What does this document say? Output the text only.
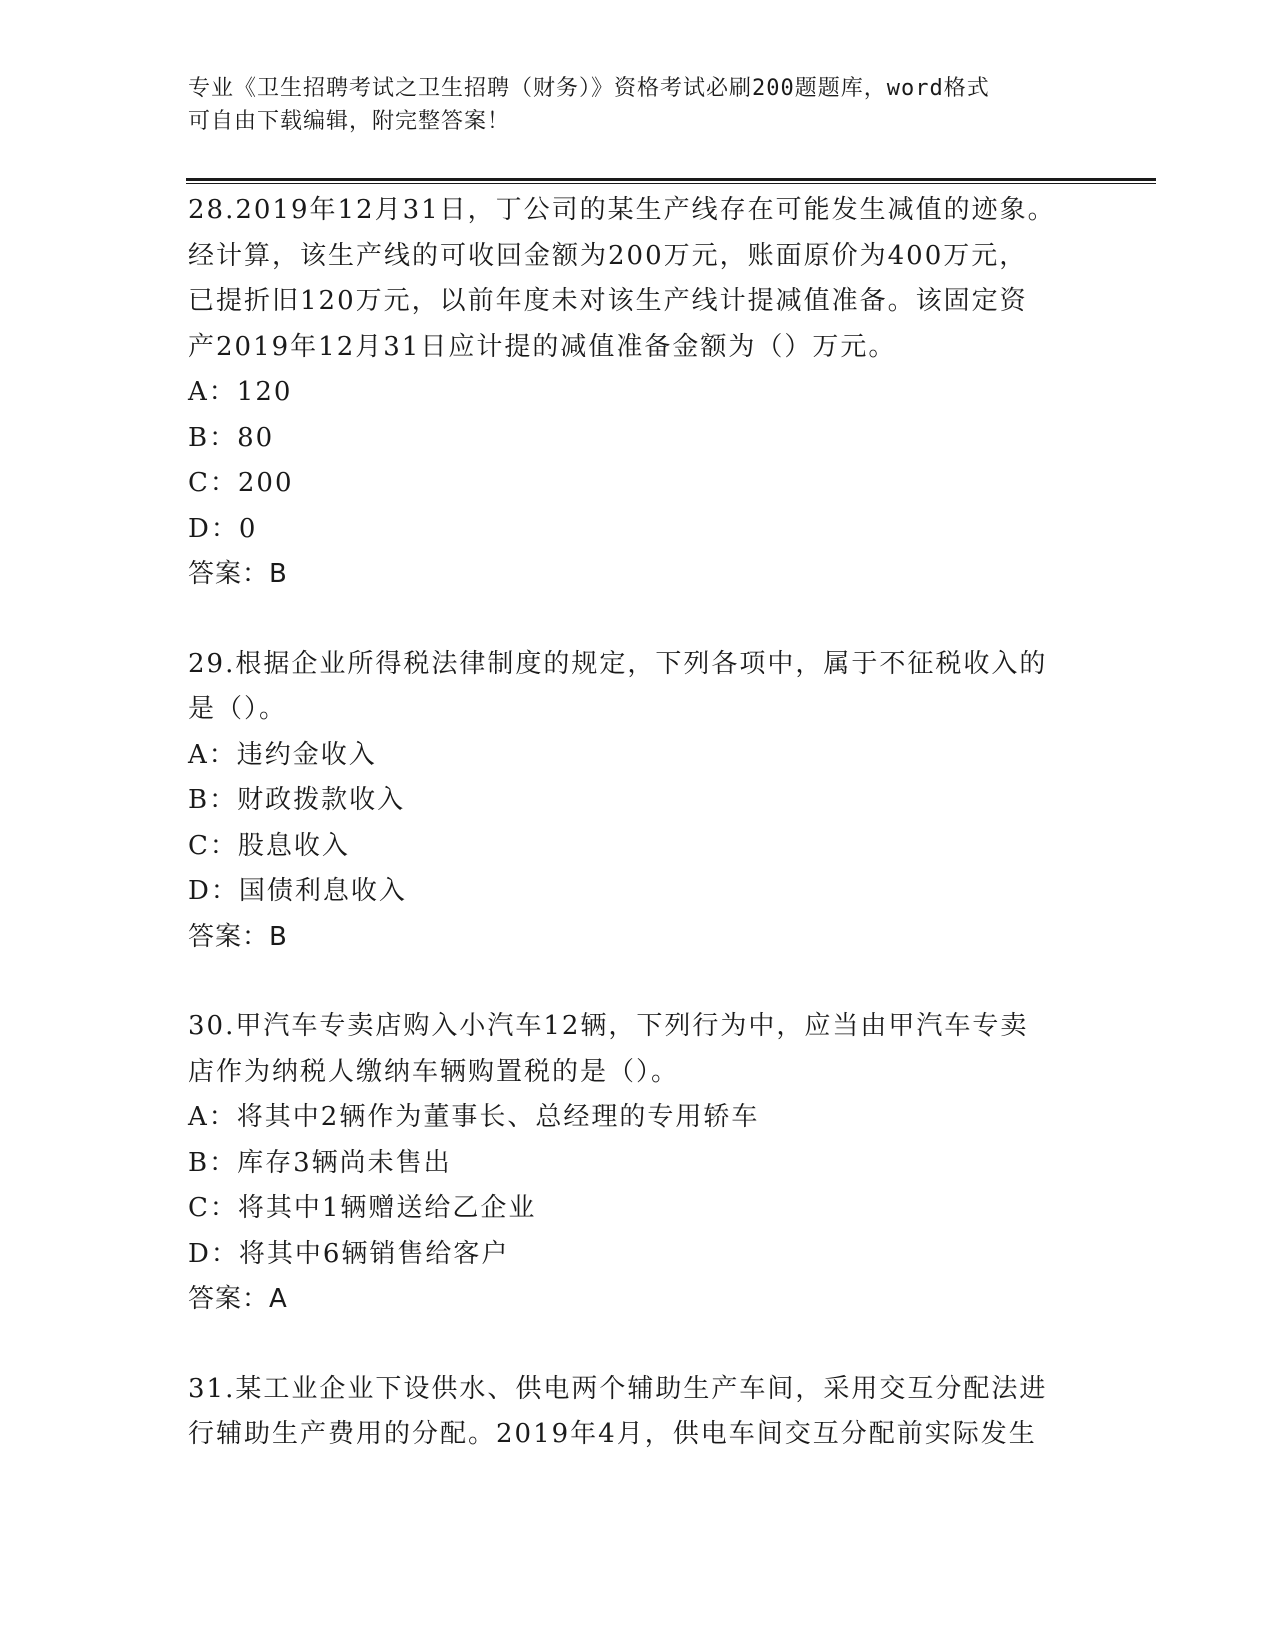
专业《卫生招聘考试之卫生招聘（财务）》资格考试必刷200题题库，word格式
可自由下载编辑，附完整答案！
28.2019年12月31日，丁公司的某生产线存在可能发生减值的迹象。
经计算，该生产线的可收回金额为200万元，账面原价为400万元，
已提折旧120万元，以前年度未对该生产线计提减值准备。该固定资
产2019年12月31日应计提的减值准备金额为（）万元。
A：120
B：80
C：200
D：0
答案：B
29.根据企业所得税法律制度的规定，下列各项中，属于不征税收入的
是（）。
A：违约金收入
B：财政拨款收入
C：股息收入
D：国债利息收入
答案：B
30.甲汽车专卖店购入小汽车12辆，下列行为中，应当由甲汽车专卖
店作为纳税人缴纳车辆购置税的是（）。
A：将其中2辆作为董事长、总经理的专用轿车
B：库存3辆尚未售出
C：将其中1辆赠送给乙企业
D：将其中6辆销售给客户
答案：A
31.某工业企业下设供水、供电两个辅助生产车间，采用交互分配法进
行辅助生产费用的分配。2019年4月，供电车间交互分配前实际发生
